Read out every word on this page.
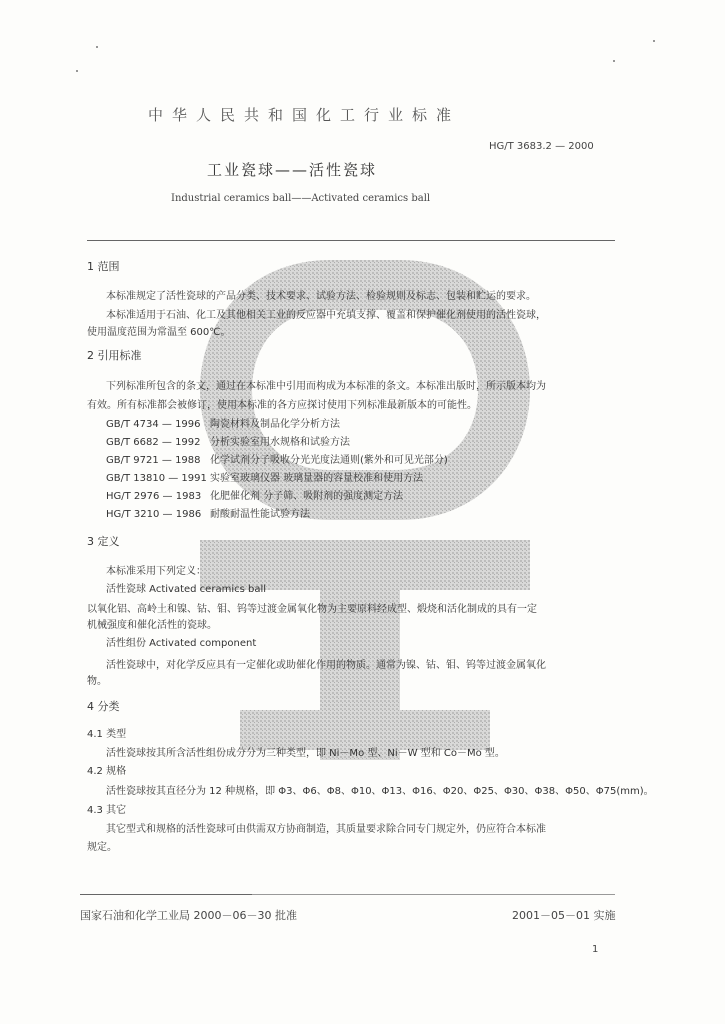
中华人民共和国化工行业标准
HG/T 3683.2 — 2000
工业瓷球——活性瓷球
Industrial ceramics ball——Activated ceramics ball
1 范围
本标准规定了活性瓷球的产品分类、技术要求、试验方法、检验规则及标志、包装和贮运的要求。
本标准适用于石油、化工及其他相关工业的反应器中充填支撑、覆盖和保护催化剂使用的活性瓷球，
使用温度范围为常温至 600℃。
2 引用标准
下列标准所包含的条文，通过在本标准中引用而构成为本标准的条文。本标准出版时，所示版本均为
有效。所有标准都会被修订，使用本标准的各方应探讨使用下列标准最新版本的可能性。
GB/T 4734 — 1996 陶瓷材料及制品化学分析方法
GB/T 6682 — 1992 分析实验室用水规格和试验方法
GB/T 9721 — 1988 化学试剂分子吸收分光光度法通则(紫外和可见光部分)
GB/T 13810 — 1991 实验室玻璃仪器 玻璃量器的容量校准和使用方法
HG/T 2976 — 1983 化肥催化剂 分子筛、吸附剂的强度测定方法
HG/T 3210 — 1986 耐酸耐温性能试验方法
3 定义
本标准采用下列定义：
活性瓷球 Activated ceramics ball
以氧化铝、高岭土和镍、钴、钼、钨等过渡金属氧化物为主要原料经成型、煅烧和活化制成的具有一定
机械强度和催化活性的瓷球。
活性组份 Activated component
活性瓷球中，对化学反应具有一定催化或助催化作用的物质。通常为镍、钴、钼、钨等过渡金属氧化
物。
4 分类
4.1 类型
活性瓷球按其所含活性组份成分分为三种类型，即 Ni－Mo 型、Ni－W 型和 Co－Mo 型。
4.2 规格
活性瓷球按其直径分为 12 种规格，即 Φ3、Φ6、Φ8、Φ10、Φ13、Φ16、Φ20、Φ25、Φ30、Φ38、Φ50、Φ75(mm)。
4.3 其它
其它型式和规格的活性瓷球可由供需双方协商制造，其质量要求除合同专门规定外，仍应符合本标准
规定。
国家石油和化学工业局 2000－06－30 批准	2001－05－01 实施
1
